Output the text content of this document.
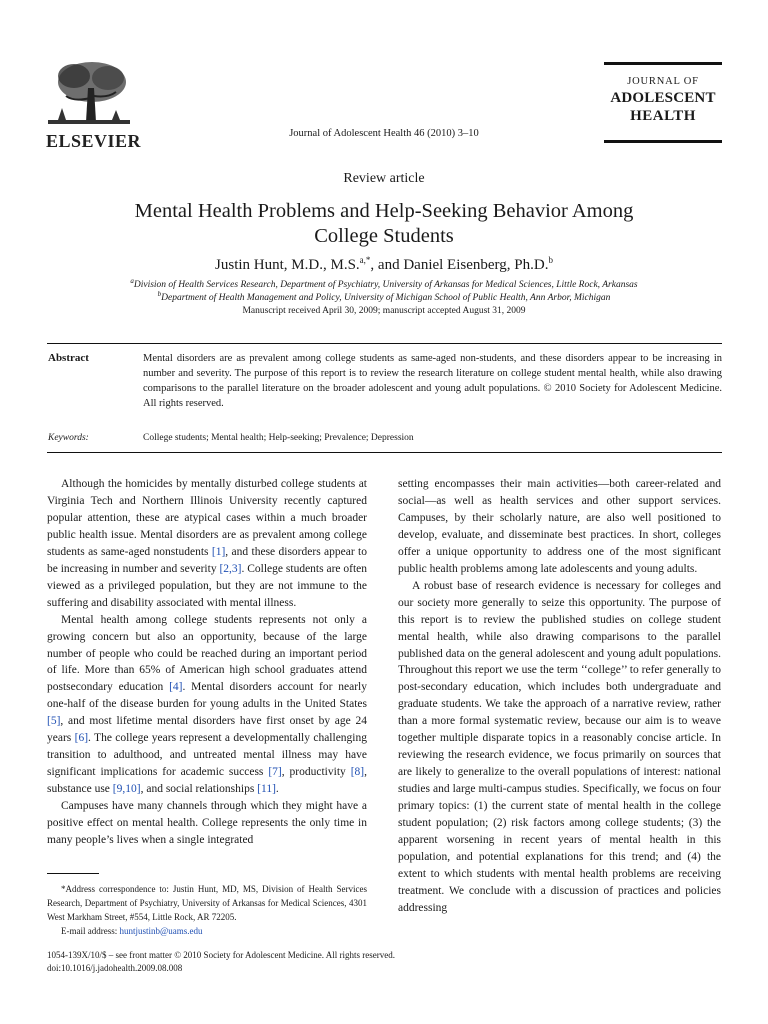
ELSEVIER	Journal of Adolescent Health 46 (2010) 3–10
JOURNAL OF
ADOLESCENT
HEALTH
Review article
Mental Health Problems and Help-Seeking Behavior Among
College Students
Justin Hunt, M.D., M.S.$^{a,*}$, and Daniel Eisenberg, Ph.D.$^b$
$^a$Division of Health Services Research, Department of Psychiatry, University of Arkansas for Medical Sciences, Little Rock, Arkansas
$^b$Department of Health Management and Policy, University of Michigan School of Public Health, Ann Arbor, Michigan
Manuscript received April 30, 2009; manuscript accepted August 31, 2009
Abstract	Mental disorders are as prevalent among college students as same-aged non-students, and these disorders appear to be increasing in number and severity. The purpose of this report is to review the research literature on college student mental health, while also drawing comparisons to the parallel literature on the broader adolescent and young adult populations. © 2010 Society for Adolescent Medicine. All rights reserved.
Keywords:	College students; Mental health; Help-seeking; Prevalence; Depression

Although the homicides by mentally disturbed college students at Virginia Tech and Northern Illinois University recently captured popular attention, these are atypical cases within a much broader public health issue. Mental disorders are as prevalent among college students as same-aged nonstudents [1], and these disorders appear to be increasing in number and severity [2,3]. College students are often viewed as a privileged population, but they are not immune to the suffering and disability associated with mental illness.

Mental health among college students represents not only a growing concern but also an opportunity, because of the large number of people who could be reached during an important period of life. More than 65% of American high school graduates attend postsecondary education [4]. Mental disorders account for nearly one-half of the disease burden for young adults in the United States [5], and most lifetime mental disorders have first onset by age 24 years [6]. The college years represent a developmentally challenging transition to adulthood, and untreated mental illness may have significant implications for academic success [7], productivity [8], substance use [9,10], and social relationships [11].

Campuses have many channels through which they might have a positive effect on mental health. College represents the only time in many people’s lives when a single integrated

setting encompasses their main activities—both career-related and social—as well as health services and other support services. Campuses, by their scholarly nature, are also well positioned to develop, evaluate, and disseminate best practices. In short, colleges offer a unique opportunity to address one of the most significant public health problems among late adolescents and young adults.

A robust base of research evidence is necessary for colleges and our society more generally to seize this opportunity. The purpose of this report is to review the published studies on college student mental health, while also drawing comparisons to the parallel published data on the general adolescent and young adult populations. Throughout this report we use the term ‘‘college’’ to refer generally to post-secondary education, which includes both undergraduate and graduate students. We take the approach of a narrative review, rather than a more formal systematic review, because our aim is to weave together multiple disparate topics in a reasonably concise article. In reviewing the research evidence, we focus primarily on sources that are likely to generalize to the overall populations of interest: national studies and large multi-campus studies. Specifically, we focus on four primary topics: (1) the current state of mental health in the college student population; (2) risk factors among college students; (3) the apparent worsening in recent years of mental health in this population, and potential explanations for this trend; and (4) the extent to which students with mental health problems are receiving treatment. We conclude with a discussion of practices and policies addressing

*Address correspondence to: Justin Hunt, MD, MS, Division of Health Services Research, Department of Psychiatry, University of Arkansas for Medical Sciences, 4301 West Markham Street, #554, Little Rock, AR 72205.

E-mail address: huntjustinb@uams.edu

1054-139X/10/$ – see front matter © 2010 Society for Adolescent Medicine. All rights reserved.
doi:10.1016/j.jadohealth.2009.08.008
